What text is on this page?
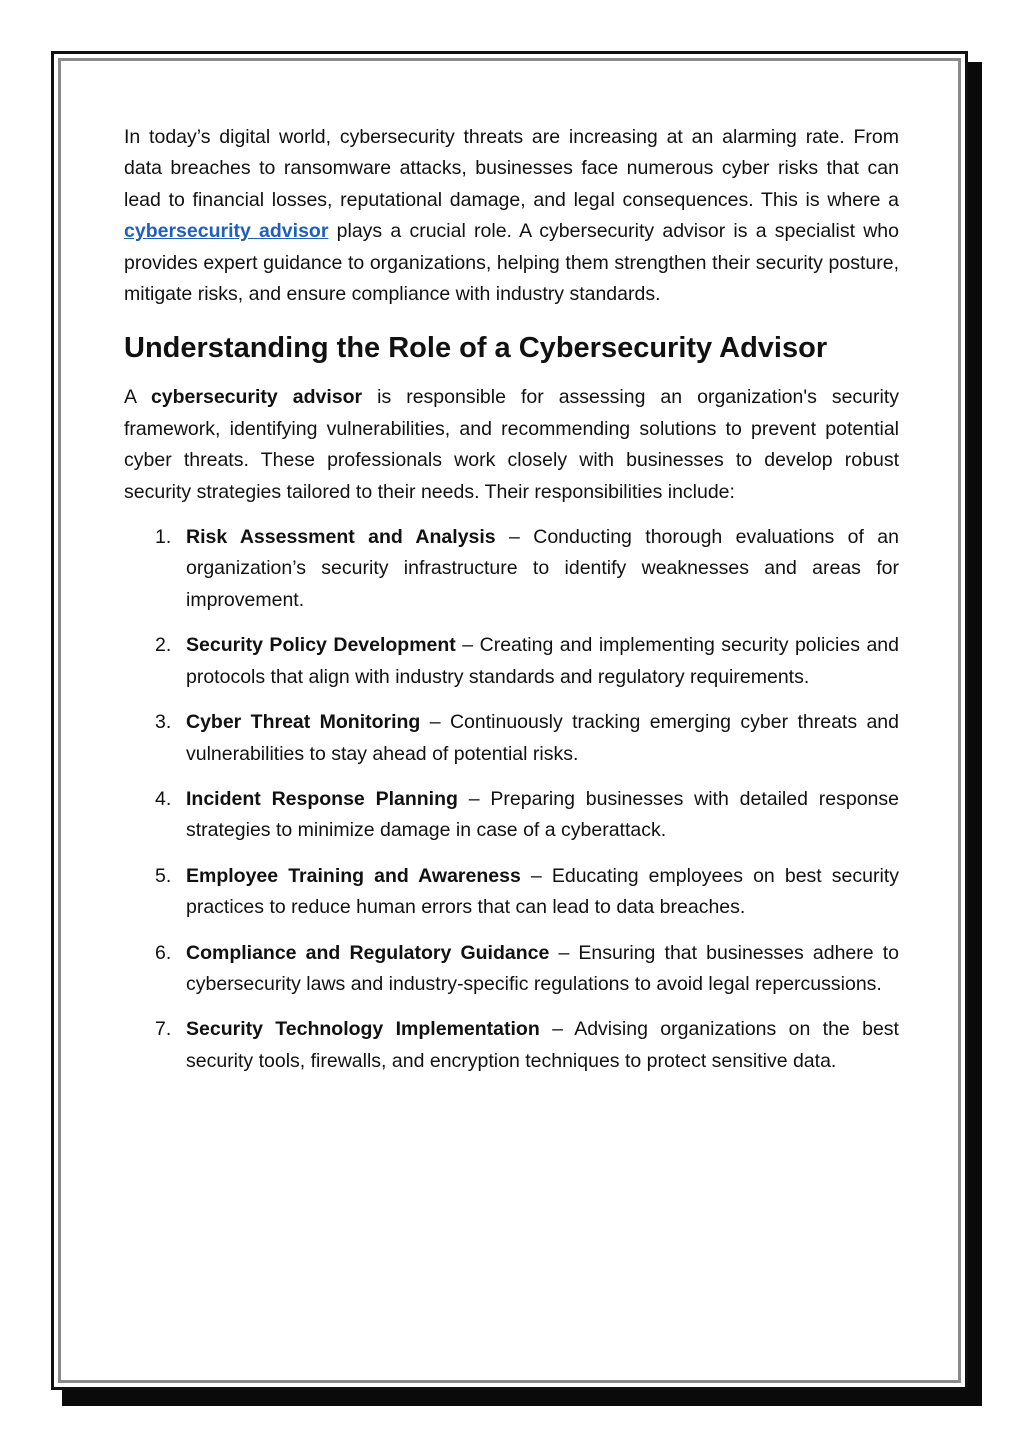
In today’s digital world, cybersecurity threats are increasing at an alarming rate. From data breaches to ransomware attacks, businesses face numerous cyber risks that can lead to financial losses, reputational damage, and legal consequences. This is where a cybersecurity advisor plays a crucial role. A cybersecurity advisor is a specialist who provides expert guidance to organizations, helping them strengthen their security posture, mitigate risks, and ensure compliance with industry standards.

Understanding the Role of a Cybersecurity Advisor

A cybersecurity advisor is responsible for assessing an organization's security framework, identifying vulnerabilities, and recommending solutions to prevent potential cyber threats. These professionals work closely with businesses to develop robust security strategies tailored to their needs. Their responsibilities include:

1. Risk Assessment and Analysis – Conducting thorough evaluations of an organization’s security infrastructure to identify weaknesses and areas for improvement.
2. Security Policy Development – Creating and implementing security policies and protocols that align with industry standards and regulatory requirements.
3. Cyber Threat Monitoring – Continuously tracking emerging cyber threats and vulnerabilities to stay ahead of potential risks.
4. Incident Response Planning – Preparing businesses with detailed response strategies to minimize damage in case of a cyberattack.
5. Employee Training and Awareness – Educating employees on best security practices to reduce human errors that can lead to data breaches.
6. Compliance and Regulatory Guidance – Ensuring that businesses adhere to cybersecurity laws and industry-specific regulations to avoid legal repercussions.
7. Security Technology Implementation – Advising organizations on the best security tools, firewalls, and encryption techniques to protect sensitive data.
